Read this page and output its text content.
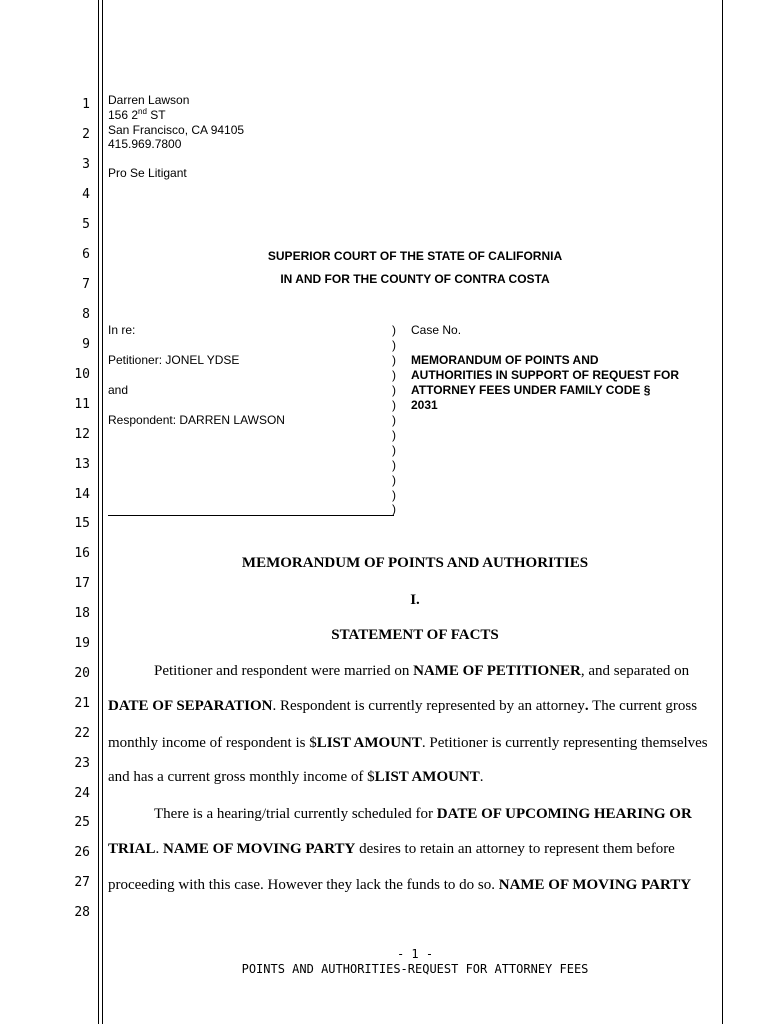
1
2
3
4
5
6
7
8
9
10
11
12
13
14
15
16
17
18
19
20
21
22
23
24
25
26
27
28
Darren Lawson
156 2nd ST
San Francisco, CA 94105
415.969.7800
Pro Se Litigant
SUPERIOR COURT OF THE STATE OF CALIFORNIA
IN AND FOR THE COUNTY OF CONTRA COSTA
In re:
Petitioner: JONEL YDSE
and
Respondent: DARREN LAWSON
)
)
)
)
)
)
)
)
)
)
)
)
)
Case No.
MEMORANDUM OF POINTS AND
AUTHORITIES IN SUPPORT OF REQUEST FOR
ATTORNEY FEES UNDER FAMILY CODE §
2031
MEMORANDUM OF POINTS AND AUTHORITIES
I.
STATEMENT OF FACTS
Petitioner and respondent were married on NAME OF PETITIONER, and separated on
DATE OF SEPARATION. Respondent is currently represented by an attorney. The current gross
monthly income of respondent is $LIST AMOUNT. Petitioner is currently representing themselves
and has a current gross monthly income of $LIST AMOUNT.
There is a hearing/trial currently scheduled for DATE OF UPCOMING HEARING OR
TRIAL. NAME OF MOVING PARTY desires to retain an attorney to represent them before
proceeding with this case. However they lack the funds to do so. NAME OF MOVING PARTY
- 1 -
POINTS AND AUTHORITIES-REQUEST FOR ATTORNEY FEES
